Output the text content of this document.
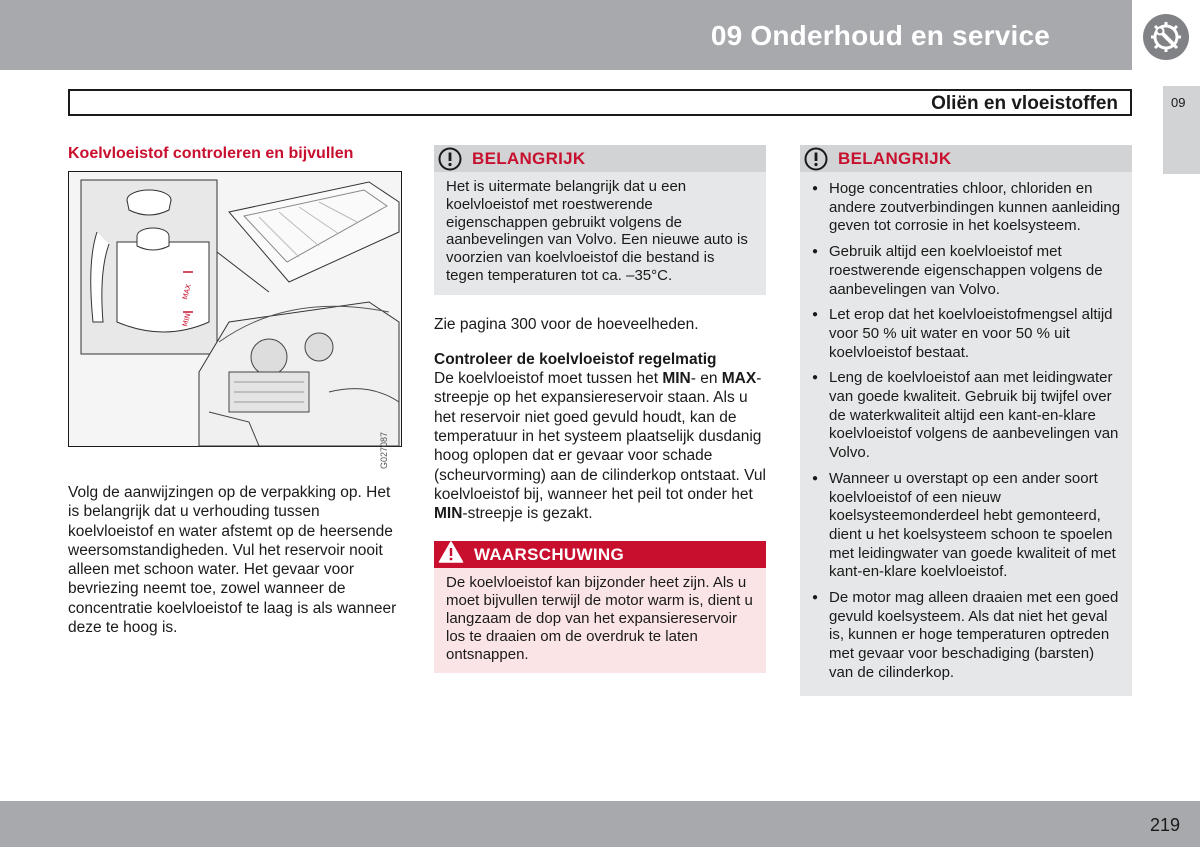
09 Onderhoud en service
Oliën en vloeistoffen	09
Koelvloeistof controleren en bijvullen
MAX
MIN
G027087

Volg de aanwijzingen op de verpakking op. Het is belangrijk dat u verhouding tussen koelvloeistof en water afstemt op de heersende weersomstandigheden. Vul het reservoir nooit alleen met schoon water. Het gevaar voor bevriezing neemt toe, zowel wanneer de concentratie koelvloeistof te laag is als wanneer deze te hoog is.

BELANGRIJK
Het is uitermate belangrijk dat u een koelvloeistof met roestwerende eigenschappen gebruikt volgens de aanbevelingen van Volvo. Een nieuwe auto is voorzien van koelvloeistof die bestand is tegen temperaturen tot ca. –35°C.

Zie pagina 300 voor de hoeveelheden.

Controleer de koelvloeistof regelmatig

De koelvloeistof moet tussen het MIN- en MAX-streepje op het expansiereservoir staan. Als u het reservoir niet goed gevuld houdt, kan de temperatuur in het systeem plaatselijk dusdanig hoog oplopen dat er gevaar voor schade (scheurvorming) aan de cilinderkop ontstaat. Vul koelvloeistof bij, wanneer het peil tot onder het MIN-streepje is gezakt.

WAARSCHUWING
De koelvloeistof kan bijzonder heet zijn. Als u moet bijvullen terwijl de motor warm is, dient u langzaam de dop van het expansiereservoir los te draaien om de overdruk te laten ontsnappen.
BELANGRIJK
● Hoge concentraties chloor, chloriden en andere zoutverbindingen kunnen aanleiding geven tot corrosie in het koelsysteem.
● Gebruik altijd een koelvloeistof met roestwerende eigenschappen volgens de aanbevelingen van Volvo.
● Let erop dat het koelvloeistofmengsel altijd voor 50 % uit water en voor 50 % uit koelvloeistof bestaat.
● Leng de koelvloeistof aan met leidingwater van goede kwaliteit. Gebruik bij twijfel over de waterkwaliteit altijd een kant-en-klare koelvloeistof volgens de aanbevelingen van Volvo.
● Wanneer u overstapt op een ander soort koelvloeistof of een nieuw koelsysteemonderdeel hebt gemonteerd, dient u het koelsysteem schoon te spoelen met leidingwater van goede kwaliteit of met kant-en-klare koelvloeistof.
● De motor mag alleen draaien met een goed gevuld koelsysteem. Als dat niet het geval is, kunnen er hoge temperaturen optreden met gevaar voor beschadiging (barsten) van de cilinderkop.
219
